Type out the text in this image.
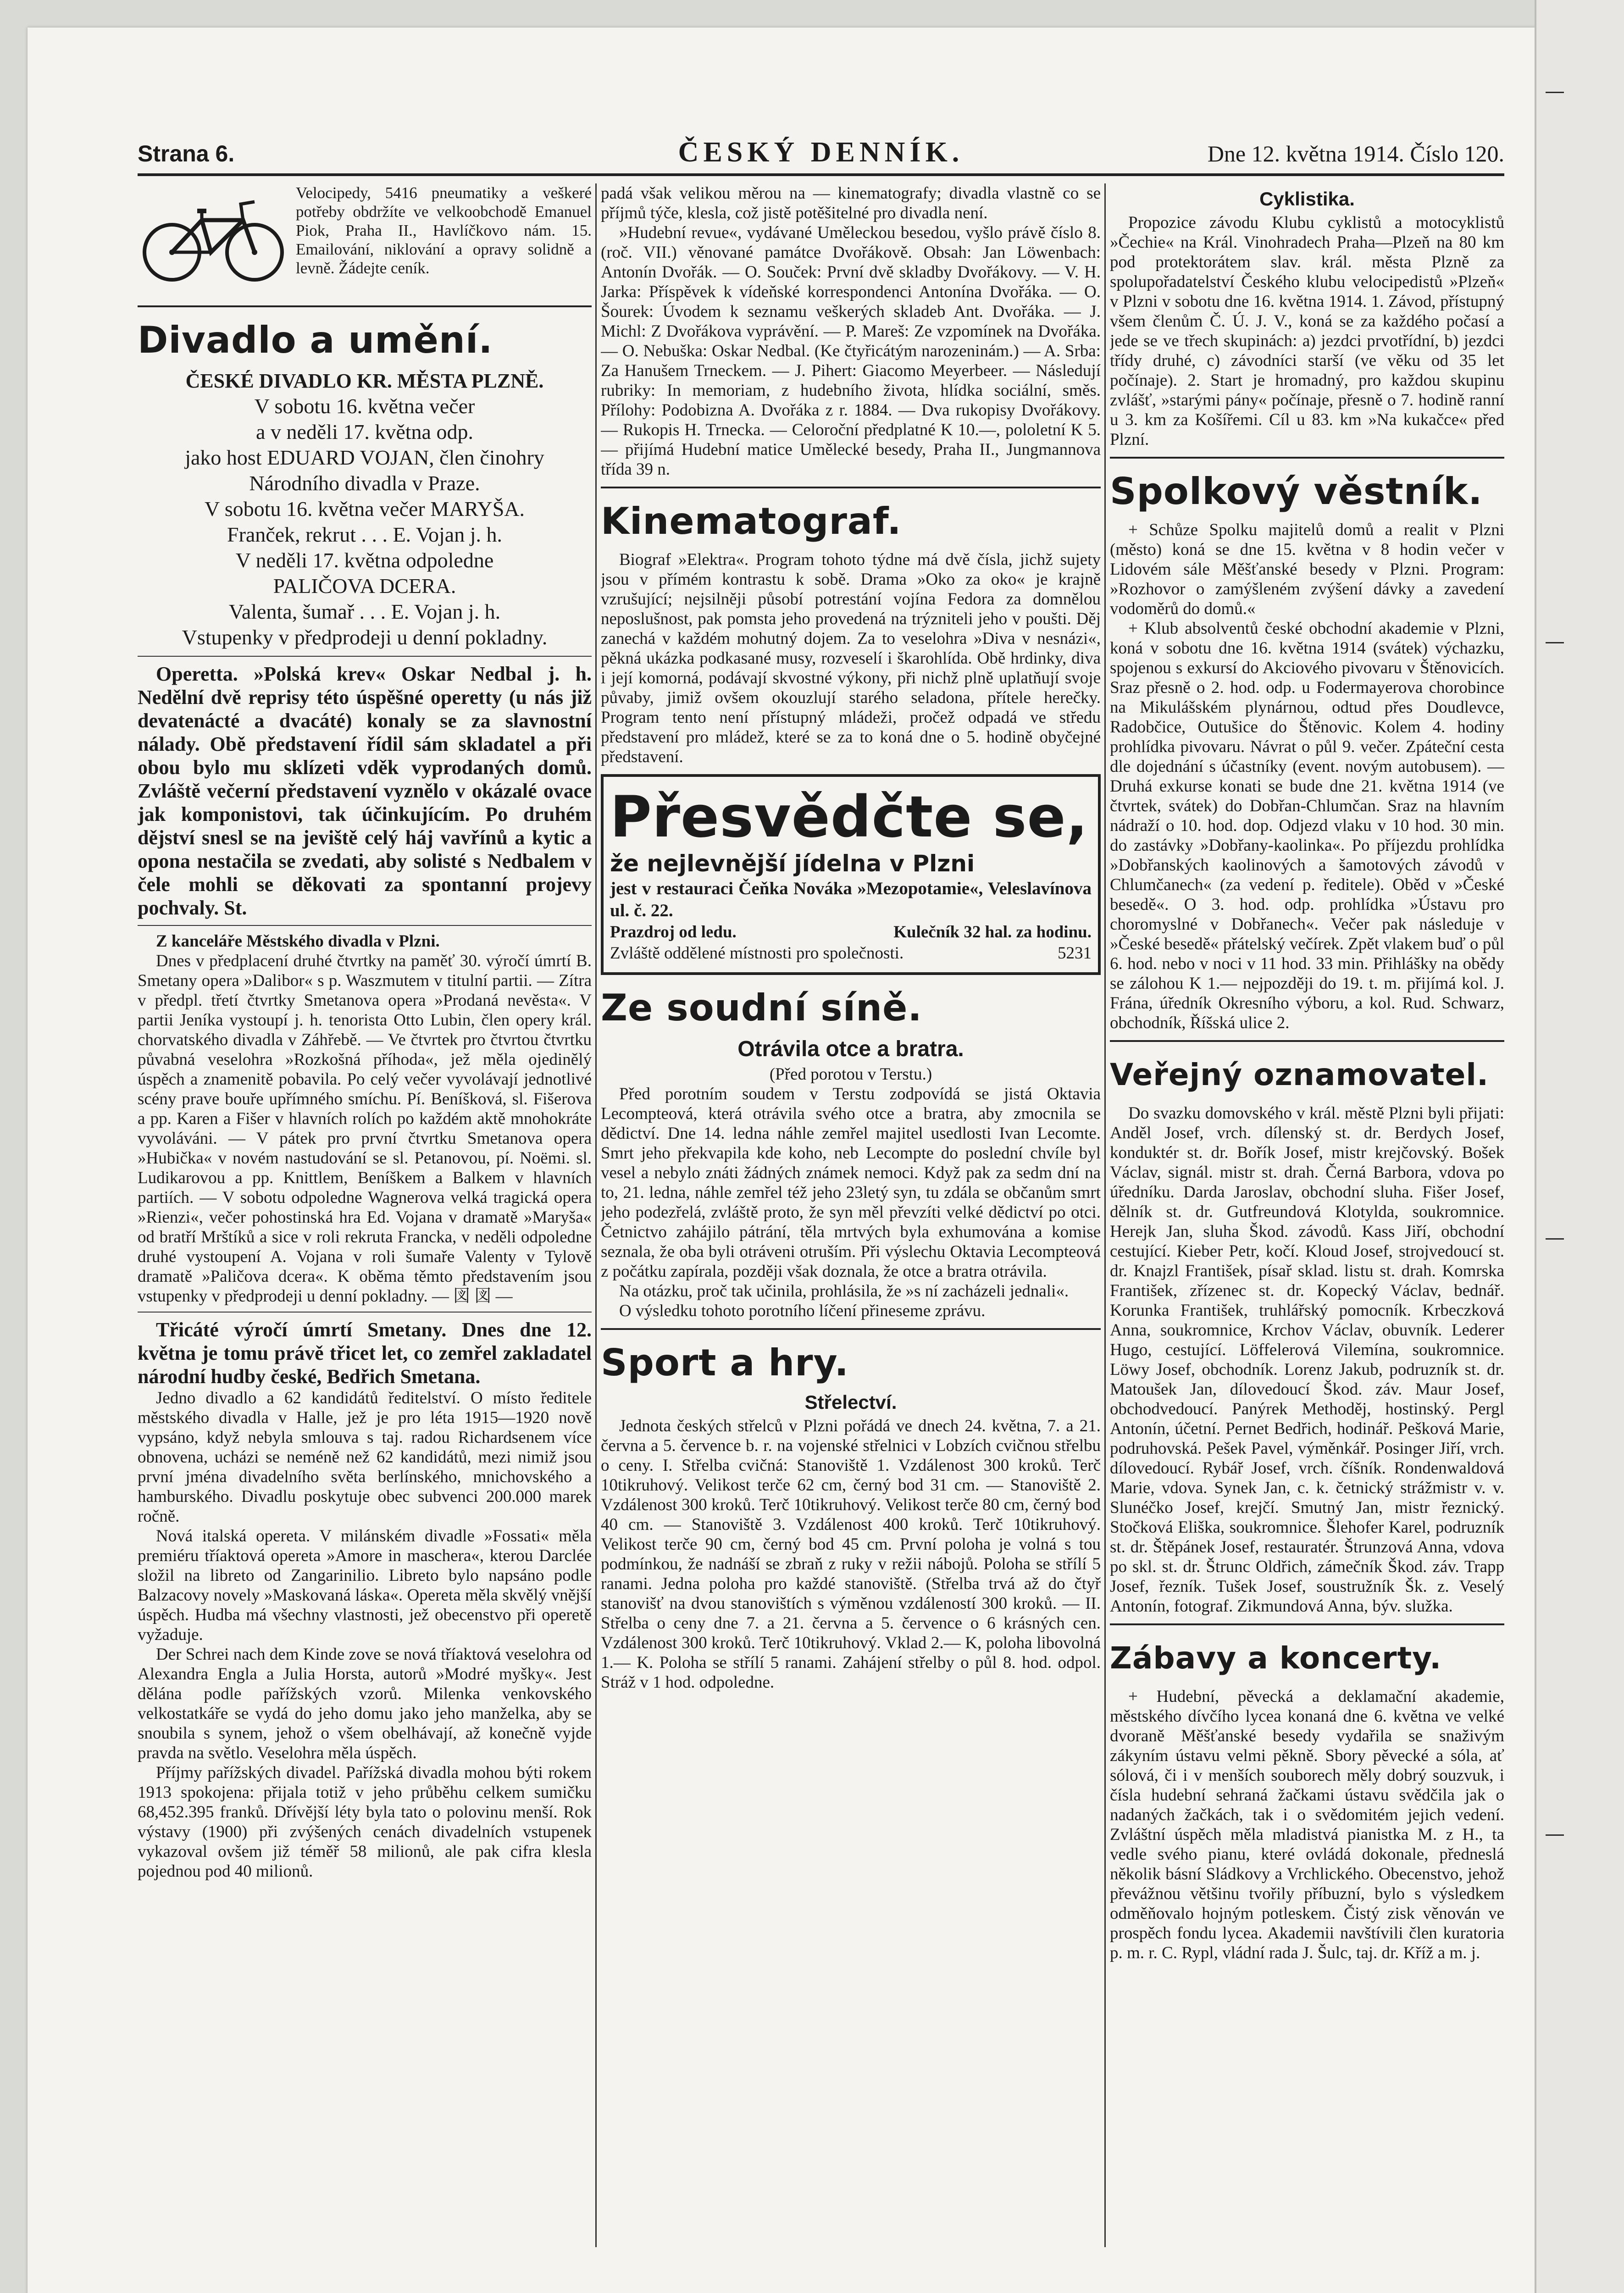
Strana 6.	ČESKÝ DENNÍK.	Dne 12. května 1914. Číslo 120.
Velocipedy, 5416 pneumatiky a veškeré potřeby obdržíte ve velkoobchodě Emanuel Piok, Praha II., Havlíčkovo nám. 15. Emailování, niklování a opravy solidně a levně. Žádejte ceník.
Divadlo a umění.

ČESKÉ DIVADLO KR. MĚSTA PLZNĚ.

V sobotu 16. května večer

a v neděli 17. května odp.

jako host EDUARD VOJAN, člen činohry

Národního divadla v Praze.

V sobotu 16. května večer MARYŠA.

Franček, rekrut . . . E. Vojan j. h.

V neděli 17. května odpoledne

PALIČOVA DCERA.

Valenta, šumař . . . E. Vojan j. h.

Vstupenky v předprodeji u denní pokladny.

Operetta. »Polská krev« Oskar Nedbal j. h. Nedělní dvě reprisy této úspěšné operetty (u nás již devatenácté a dvacáté) konaly se za slavnostní nálady. Obě představení řídil sám skladatel a při obou bylo mu sklízeti vděk vyprodaných domů. Zvláště večerní představení vyznělo v okázalé ovace jak komponistovi, tak účinkujícím. Po druhém dějství snesl se na jeviště celý háj vavřínů a kytic a opona nestačila se zvedati, aby solisté s Nedbalem v čele mohli se děkovati za spontanní projevy pochvaly. St.

Z kanceláře Městského divadla v Plzni.

Dnes v předplacení druhé čtvrtky na paměť 30. výročí úmrtí B. Smetany opera »Dalibor« s p. Waszmutem v titulní partii. — Zítra v předpl. třetí čtvrtky Smetanova opera »Prodaná nevěsta«. V partii Jeníka vystoupí j. h. tenorista Otto Lubin, člen opery král. chorvatského divadla v Záhřebě. — Ve čtvrtek pro čtvrtou čtvrtku půvabná veselohra »Rozkošná příhoda«, jež měla ojedinělý úspěch a znamenitě pobavila. Po celý večer vyvolávají jednotlivé scény prave bouře upřímného smíchu. Pí. Beníšková, sl. Fišerova a pp. Karen a Fišer v hlavních rolích po každém aktě mnohokráte vyvoláváni. — V pátek pro první čtvrtku Smetanova opera »Hubička« v novém nastudování se sl. Petanovou, pí. Noëmi. sl. Ludikarovou a pp. Knittlem, Beníškem a Balkem v hlavních partiích. — V sobotu odpoledne Wagnerova velká tragická opera »Rienzi«, večer pohostinská hra Ed. Vojana v dramatě »Maryša« od bratří Mrštíků a sice v roli rekruta Francka, v neděli odpoledne druhé vystoupení A. Vojana v roli šumaře Valenty v Tylově dramatě »Paličova dcera«. K oběma těmto představením jsou vstupenky v předprodeji u denní pokladny. — 図 図 —

Třicáté výročí úmrtí Smetany. Dnes dne 12. května je tomu právě třicet let, co zemřel zakladatel národní hudby české, Bedřich Smetana.

Jedno divadlo a 62 kandidátů ředitelství. O místo ředitele městského divadla v Halle, jež je pro léta 1915—1920 nově vypsáno, když nebyla smlouva s taj. radou Richardsenem více obnovena, ucházi se neméně než 62 kandidátů, mezi nimiž jsou první jména divadelního světa berlínského, mnichovského a hamburského. Divadlu poskytuje obec subvenci 200.000 marek ročně.

Nová italská opereta. V milánském divadle »Fossati« měla premiéru tříaktová opereta »Amore in maschera«, kterou Darclée složil na libreto od Zangarinilio. Libreto bylo napsáno podle Balzacovy novely »Maskovaná láska«. Opereta měla skvělý vnější úspěch. Hudba má všechny vlastnosti, jež obecenstvo při operetě vyžaduje.

Der Schrei nach dem Kinde zove se nová tříaktová veselohra od Alexandra Engla a Julia Horsta, autorů »Modré myšky«. Jest dělána podle pařížských vzorů. Milenka venkovského velkostatkáře se vydá do jeho domu jako jeho manželka, aby se snoubila s synem, jehož o všem obelhávají, až konečně vyjde pravda na světlo. Veselohra měla úspěch.

Příjmy pařížských divadel. Pařížská divadla mohou býti rokem 1913 spokojena: přijala totiž v jeho průběhu celkem sumičku 68,452.395 franků. Dřívější léty byla tato o polovinu menší. Rok výstavy (1900) při zvýšených cenách divadelních vstupenek vykazoval ovšem již téměř 58 milionů, ale pak cifra klesla pojednou pod 40 milionů.

padá však velikou měrou na — kinematografy; divadla vlastně co se příjmů týče, klesla, což jistě potěšitelné pro divadla není.

»Hudební revue«, vydávané Uměleckou besedou, vyšlo právě číslo 8. (roč. VII.) věnované památce Dvořákově. Obsah: Jan Löwenbach: Antonín Dvořák. — O. Souček: První dvě skladby Dvořákovy. — V. H. Jarka: Příspěvek k vídeňské korrespondenci Antonína Dvořáka. — O. Šourek: Úvodem k seznamu veškerých skladeb Ant. Dvořáka. — J. Michl: Z Dvořákova vyprávění. — P. Mareš: Ze vzpomínek na Dvořáka. — O. Nebuška: Oskar Nedbal. (Ke čtyřicátým narozeninám.) — A. Srba: Za Hanušem Trneckem. — J. Pihert: Giacomo Meyerbeer. — Následují rubriky: In memoriam, z hudebního života, hlídka sociální, směs. Přílohy: Podobizna A. Dvořáka z r. 1884. — Dva rukopisy Dvořákovy. — Rukopis H. Trnecka. — Celoroční předplatné K 10.—, pololetní K 5.— přijímá Hudební matice Umělecké besedy, Praha II., Jungmannova třída 39 n.

Kinematograf.

Biograf »Elektra«. Program tohoto týdne má dvě čísla, jichž sujety jsou v přímém kontrastu k sobě. Drama »Oko za oko« je krajně vzrušující; nejsilněji působí potrestání vojína Fedora za domnělou neposlušnost, pak pomsta jeho provedená na trýzniteli jeho v poušti. Děj zanechá v každém mohutný dojem. Za to veselohra »Diva v nesnázi«, pěkná ukázka podkasané musy, rozveselí i škarohlída. Obě hrdinky, diva i její komorná, podávají skvostné výkony, při nichž plně uplatňují svoje půvaby, jimiž ovšem okouzlují starého seladona, přítele herečky. Program tento není přístupný mládeži, pročež odpadá ve středu představení pro mládež, které se za to koná dne o 5. hodině obyčejné představení.

Přesvědčte se,
že nejlevnější jídelna v Plzni

jest v restauraci Čeňka Nováka »Mezopotamie«, Veleslavínova ul. č. 22.

Prazdroj od ledu.	Kulečník 32 hal. za hodinu.
Zvláště oddělené místnosti pro společnosti.	5231
Ze soudní síně.
Otrávila otce a bratra.

(Před porotou v Terstu.)

Před porotním soudem v Terstu zodpovídá se jistá Oktavia Lecompteová, která otrávila svého otce a bratra, aby zmocnila se dědictví. Dne 14. ledna náhle zemřel majitel usedlosti Ivan Lecomte. Smrt jeho překvapila kde koho, neb Lecompte do poslední chvíle byl vesel a nebylo znáti žádných známek nemoci. Když pak za sedm dní na to, 21. ledna, náhle zemřel též jeho 23letý syn, tu zdála se občanům smrt jeho podezřelá, zvláště proto, že syn měl převzíti velké dědictví po otci. Četnictvo zahájilo pátrání, těla mrtvých byla exhumována a komise seznala, že oba byli otráveni otruším. Při výslechu Oktavia Lecompteová z počátku zapírala, později však doznala, že otce a bratra otrávila.

Na otázku, proč tak učinila, prohlásila, že »s ní zacházeli jednali«.

O výsledku tohoto porotního líčení přineseme zprávu.

Sport a hry.
Střelectví.

Jednota českých střelců v Plzni pořádá ve dnech 24. května, 7. a 21. června a 5. července b. r. na vojenské střelnici v Lobzích cvičnou střelbu o ceny. I. Střelba cvičná: Stanoviště 1. Vzdálenost 300 kroků. Terč 10tikruhový. Velikost terče 62 cm, černý bod 31 cm. — Stanoviště 2. Vzdálenost 300 kroků. Terč 10tikruhový. Velikost terče 80 cm, černý bod 40 cm. — Stanoviště 3. Vzdálenost 400 kroků. Terč 10tikruhový. Velikost terče 90 cm, černý bod 45 cm. První poloha je volná s tou podmínkou, že nadnáší se zbraň z ruky v režii nábojů. Poloha se střílí 5 ranami. Jedna poloha pro každé stanoviště. (Střelba trvá až do čtyř stanovišť na dvou stanovištích s výměnou vzdáleností 300 kroků. — II. Střelba o ceny dne 7. a 21. června a 5. července o 6 krásných cen. Vzdálenost 300 kroků. Terč 10tikruhový. Vklad 2.— K, poloha libovolná 1.— K. Poloha se střílí 5 ranami. Zahájení střelby o půl 8. hod. odpol. Stráž v 1 hod. odpoledne.

Cyklistika.

Propozice závodu Klubu cyklistů a motocyklistů »Čechie« na Král. Vinohradech Praha—Plzeň na 80 km pod protektorátem slav. král. města Plzně za spolupořadatelství Českého klubu velocipedistů »Plzeň« v Plzni v sobotu dne 16. května 1914. 1. Závod, přístupný všem členům Č. Ú. J. V., koná se za každého počasí a jede se ve třech skupinách: a) jezdci prvotřídní, b) jezdci třídy druhé, c) závodníci starší (ve věku od 35 let počínaje). 2. Start je hromadný, pro každou skupinu zvlášť, »starými pány« počínaje, přesně o 7. hodině ranní u 3. km za Košířemi. Cíl u 83. km »Na kukačce« před Plzní.

Spolkový věstník.

+ Schůze Spolku majitelů domů a realit v Plzni (město) koná se dne 15. května v 8 hodin večer v Lidovém sále Měšťanské besedy v Plzni. Program: »Rozhovor o zamýšleném zvýšení dávky a zavedení vodoměrů do domů.«

+ Klub absolventů české obchodní akademie v Plzni, koná v sobotu dne 16. května 1914 (svátek) výchazku, spojenou s exkursí do Akciového pivovaru v Štěnovicích. Sraz přesně o 2. hod. odp. u Fodermayerova chorobince na Mikulášském plynárnou, odtud přes Doudlevce, Radobčice, Outušice do Štěnovic. Kolem 4. hodiny prohlídka pivovaru. Návrat o půl 9. večer. Zpáteční cesta dle dojednání s účastníky (event. novým autobusem). — Druhá exkurse konati se bude dne 21. května 1914 (ve čtvrtek, svátek) do Dobřan-Chlumčan. Sraz na hlavním nádraží o 10. hod. dop. Odjezd vlaku v 10 hod. 30 min. do zastávky »Dobřany-kaolinka«. Po příjezdu prohlídka »Dobřanských kaolinových a šamotových závodů v Chlumčanech« (za vedení p. ředitele). Oběd v »České besedě«. O 3. hod. odp. prohlídka »Ústavu pro choromyslné v Dobřanech«. Večer pak následuje v »České besedě« přátelský večírek. Zpět vlakem buď o půl 6. hod. nebo v noci v 11 hod. 33 min. Přihlášky na obědy se zálohou K 1.— nejpozději do 19. t. m. přijímá kol. J. Frána, úředník Okresního výboru, a kol. Rud. Schwarz, obchodník, Říšská ulice 2.

Veřejný oznamovatel.

Do svazku domovského v král. městě Plzni byli přijati: Anděl Josef, vrch. dílenský st. dr. Berdych Josef, konduktér st. dr. Bořík Josef, mistr krejčovský. Bošek Václav, signál. mistr st. drah. Černá Barbora, vdova po úředníku. Darda Jaroslav, obchodní sluha. Fišer Josef, dělník st. dr. Gutfreundová Klotylda, soukromnice. Herejk Jan, sluha Škod. závodů. Kass Jiří, obchodní cestující. Kieber Petr, kočí. Kloud Josef, strojvedoucí st. dr. Knajzl František, písař sklad. listu st. drah. Komrska František, zřízenec st. dr. Kopecký Václav, bednář. Korunka František, truhlářský pomocník. Krbeczková Anna, soukromnice, Krchov Václav, obuvník. Lederer Hugo, cestující. Löffelerová Vilemína, soukromnice. Löwy Josef, obchodník. Lorenz Jakub, podruzník st. dr. Matoušek Jan, dílovedoucí Škod. záv. Maur Josef, obchodvedoucí. Panýrek Methoděj, hostinský. Pergl Antonín, účetní. Pernet Bedřich, hodinář. Pešková Marie, podruhovská. Pešek Pavel, výměnkář. Posinger Jiří, vrch. dílovedoucí. Rybář Josef, vrch. číšník. Rondenwaldová Marie, vdova. Synek Jan, c. k. četnický strážmistr v. v. Slunéčko Josef, krejčí. Smutný Jan, mistr řeznický. Stočková Eliška, soukromnice. Šlehofer Karel, podruzník st. dr. Štěpánek Josef, restauratér. Štrunzová Anna, vdova po skl. st. dr. Štrunc Oldřich, zámečník Škod. záv. Trapp Josef, řezník. Tušek Josef, soustružník Šk. z. Veselý Antonín, fotograf. Zikmundová Anna, býv. služka.

Zábavy a koncerty.

+ Hudební, pěvecká a deklamační akademie, městského dívčího lycea konaná dne 6. května ve velké dvoraně Měšťanské besedy vydařila se snaživým zákyním ústavu velmi pěkně. Sbory pěvecké a sóla, ať sólová, či i v menších souborech měly dobrý souzvuk, i čísla hudební sehraná žačkami ústavu svědčila jak o nadaných žačkách, tak i o svědomitém jejich vedení. Zvláštní úspěch měla mladistvá pianistka M. z H., ta vedle svého pianu, které ovládá dokonale, předneslá několik básní Sládkovy a Vrchlického. Obecenstvo, jehož převážnou většinu tvořily příbuzní, bylo s výsledkem odměňovalo hojným potleskem. Čistý zisk věnován ve prospěch fondu lycea. Akademii navštívili člen kuratoria p. m. r. C. Rypl, vládní rada J. Šulc, taj. dr. Kříž a m. j.
